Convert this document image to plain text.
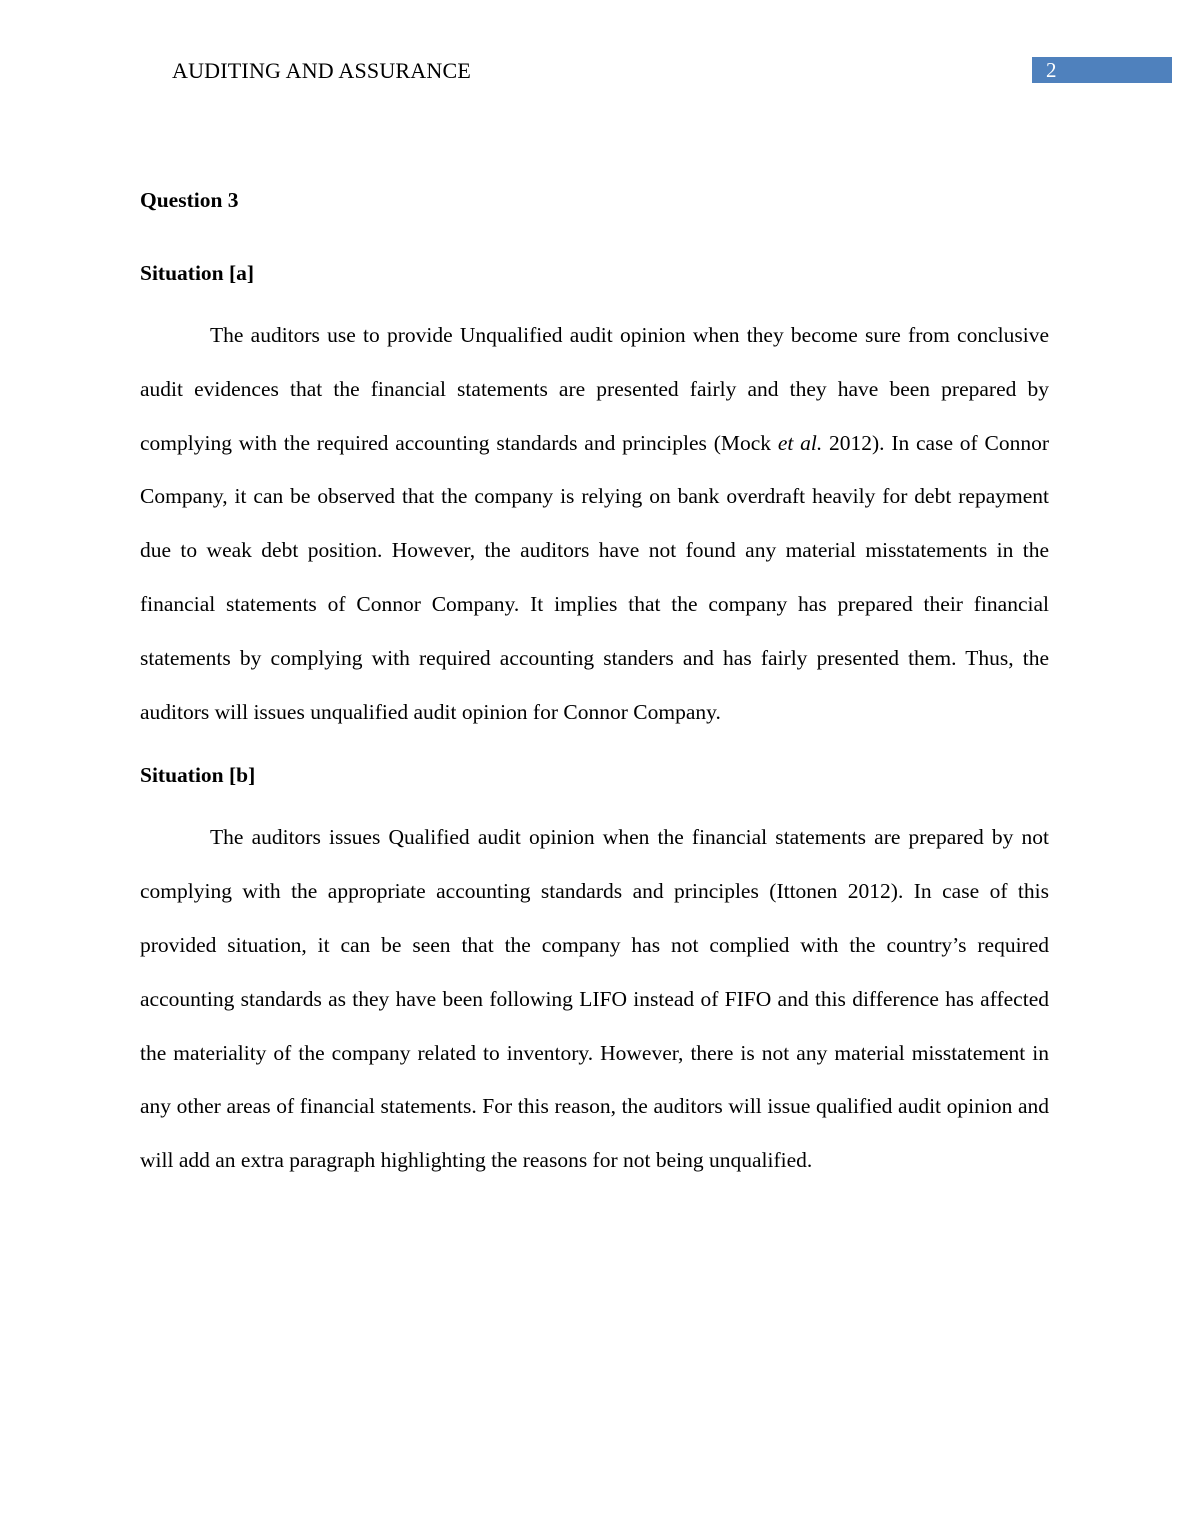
AUDITING AND ASSURANCE	2

Question 3

Situation [a]

The auditors use to provide Unqualified audit opinion when they become sure from conclusive audit evidences that the financial statements are presented fairly and they have been prepared by complying with the required accounting standards and principles (Mock et al. 2012). In case of Connor Company, it can be observed that the company is relying on bank overdraft heavily for debt repayment due to weak debt position. However, the auditors have not found any material misstatements in the financial statements of Connor Company. It implies that the company has prepared their financial statements by complying with required accounting standers and has fairly presented them. Thus, the auditors will issues unqualified audit opinion for Connor Company.

Situation [b]

The auditors issues Qualified audit opinion when the financial statements are prepared by not complying with the appropriate accounting standards and principles (Ittonen 2012). In case of this provided situation, it can be seen that the company has not complied with the country’s required accounting standards as they have been following LIFO instead of FIFO and this difference has affected the materiality of the company related to inventory. However, there is not any material misstatement in any other areas of financial statements. For this reason, the auditors will issue qualified audit opinion and will add an extra paragraph highlighting the reasons for not being unqualified.
